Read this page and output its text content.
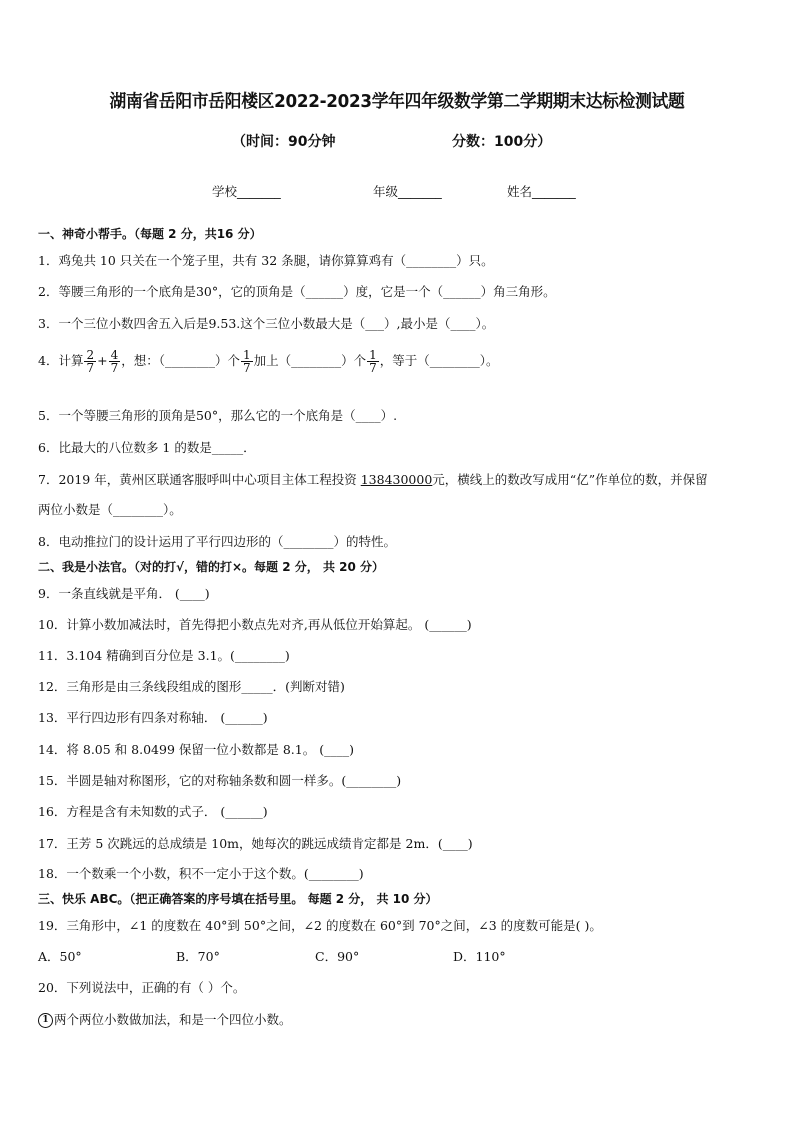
湖南省岳阳市岳阳楼区2022-2023学年四年级数学第二学期期末达标检测试题
（时间：90分钟	分数：100分）
学校_______	年级_______	姓名_______
一、神奇小帮手。（每题 2 分，共16 分）
1．鸡兔共 10 只关在一个笼子里，共有 32 条腿，请你算算鸡有（________）只。
2．等腰三角形的一个底角是30°，它的顶角是（______）度，它是一个（______）角三角形。
3．一个三位小数四舍五入后是9.53.这个三位小数最大是（___）,最小是（____）。
4．计算 $\frac{2}{7} + \frac{4}{7}$ ，想：（________）个 $\frac{1}{7}$ 加上（________）个 $\frac{1}{7}$ ，等于（________）。
5．一个等腰三角形的顶角是50°，那么它的一个底角是（____）.
6．比最大的八位数多 1 的数是_____．
7．2019 年，黄州区联通客服呼叫中心项目主体工程投资 138430000元，横线上的数改写成用“亿”作单位的数，并保留
两位小数是（________）。
8．电动推拉门的设计运用了平行四边形的（________）的特性。
二、我是小法官。（对的打√，错的打×。每题 2 分， 共 20 分）
9．一条直线就是平角． (____)
10．计算小数加减法时，首先得把小数点先对齐,再从低位开始算起。 (______)
11．3.104 精确到百分位是 3.1。(________)
12．三角形是由三条线段组成的图形_____．(判断对错)
13．平行四边形有四条对称轴． (______)
14．将 8.05 和 8.0499 保留一位小数都是 8.1。 (____)
15．半圆是轴对称图形，它的对称轴条数和圆一样多。(________)
16．方程是含有未知数的式子． (______)
17．王芳 5 次跳远的总成绩是 10m，她每次的跳远成绩肯定都是 2m．(____)
18．一个数乘一个小数，积不一定小于这个数。(________)
三、快乐 ABC。（把正确答案的序号填在括号里。 每题 2 分， 共 10 分）
19．三角形中，∠1 的度数在 40°到 50°之间，∠2 的度数在 60°到 70°之间，∠3 的度数可能是( )。
A．50°	B．70°	C．90°	D．110°
20．下列说法中，正确的有（ ）个。
1 两个两位小数做加法，和是一个四位小数。
